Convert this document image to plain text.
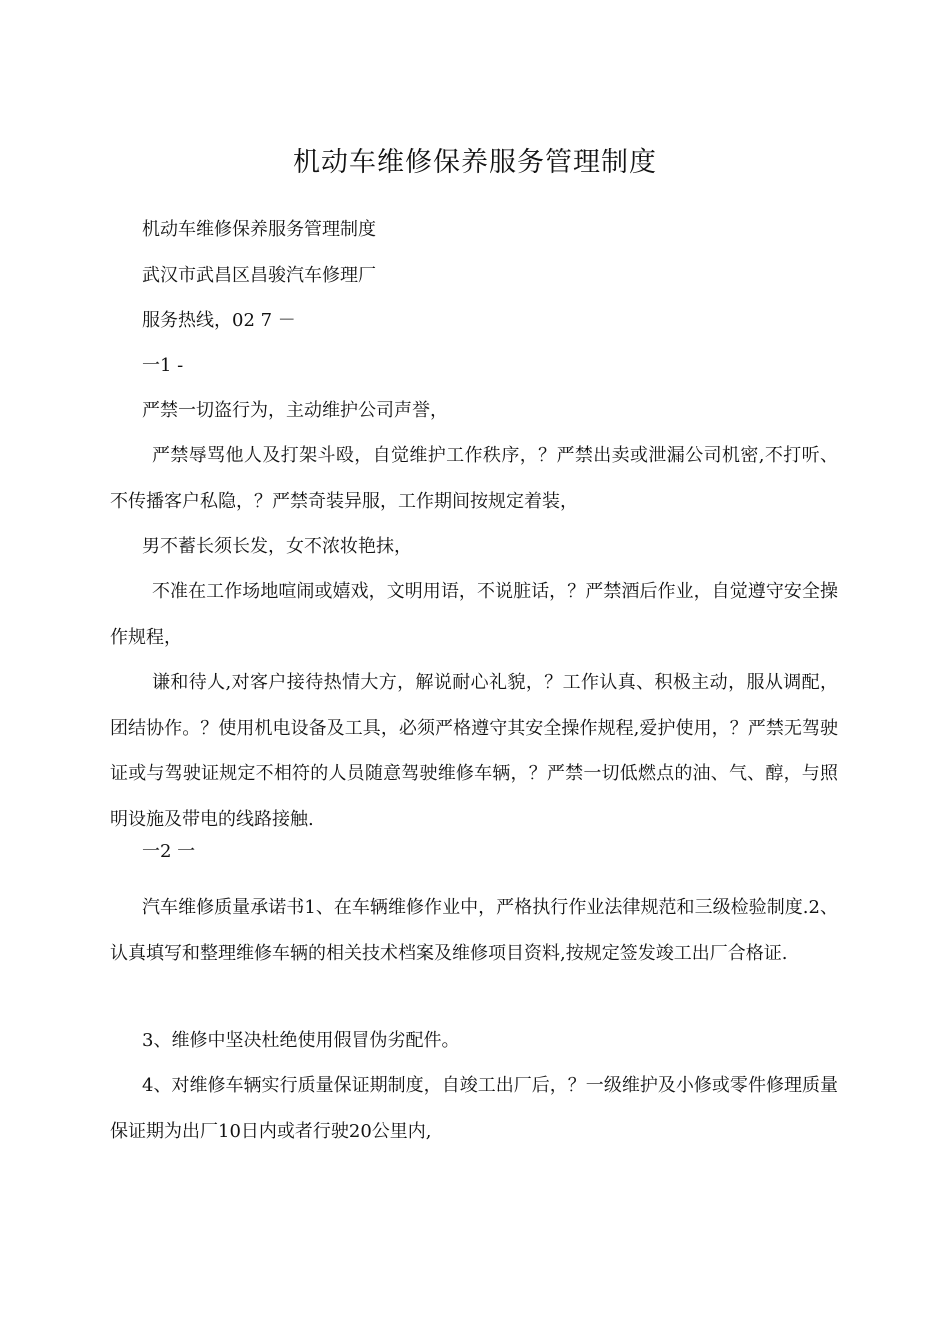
机动车维修保养服务管理制度

机动车维修保养服务管理制度

武汉市武昌区昌骏汽车修理厂

服务热线，02 7 －

一1 -

严禁一切盗行为，主动维护公司声誉，

严禁辱骂他人及打架斗殴，自觉维护工作秩序，？严禁出卖或泄漏公司机密,不打听、不传播客户私隐，？严禁奇装异服，工作期间按规定着装，

男不蓄长须长发，女不浓妆艳抹，

不准在工作场地喧闹或嬉戏，文明用语，不说脏话，？严禁酒后作业，自觉遵守安全操作规程，

谦和待人,对客户接待热情大方，解说耐心礼貌，？工作认真、积极主动，服从调配，团结协作。？使用机电设备及工具，必须严格遵守其安全操作规程,爱护使用，？严禁无驾驶证或与驾驶证规定不相符的人员随意驾驶维修车辆，？严禁一切低燃点的油、气、醇，与照明设施及带电的线路接触.

一2 一

汽车维修质量承诺书1、在车辆维修作业中，严格执行作业法律规范和三级检验制度.2、认真填写和整理维修车辆的相关技术档案及维修项目资料,按规定签发竣工出厂合格证.

3、维修中坚决杜绝使用假冒伪劣配件。

4、对维修车辆实行质量保证期制度，自竣工出厂后，？一级维护及小修或零件修理质量保证期为出厂10日内或者行驶20公里内,
